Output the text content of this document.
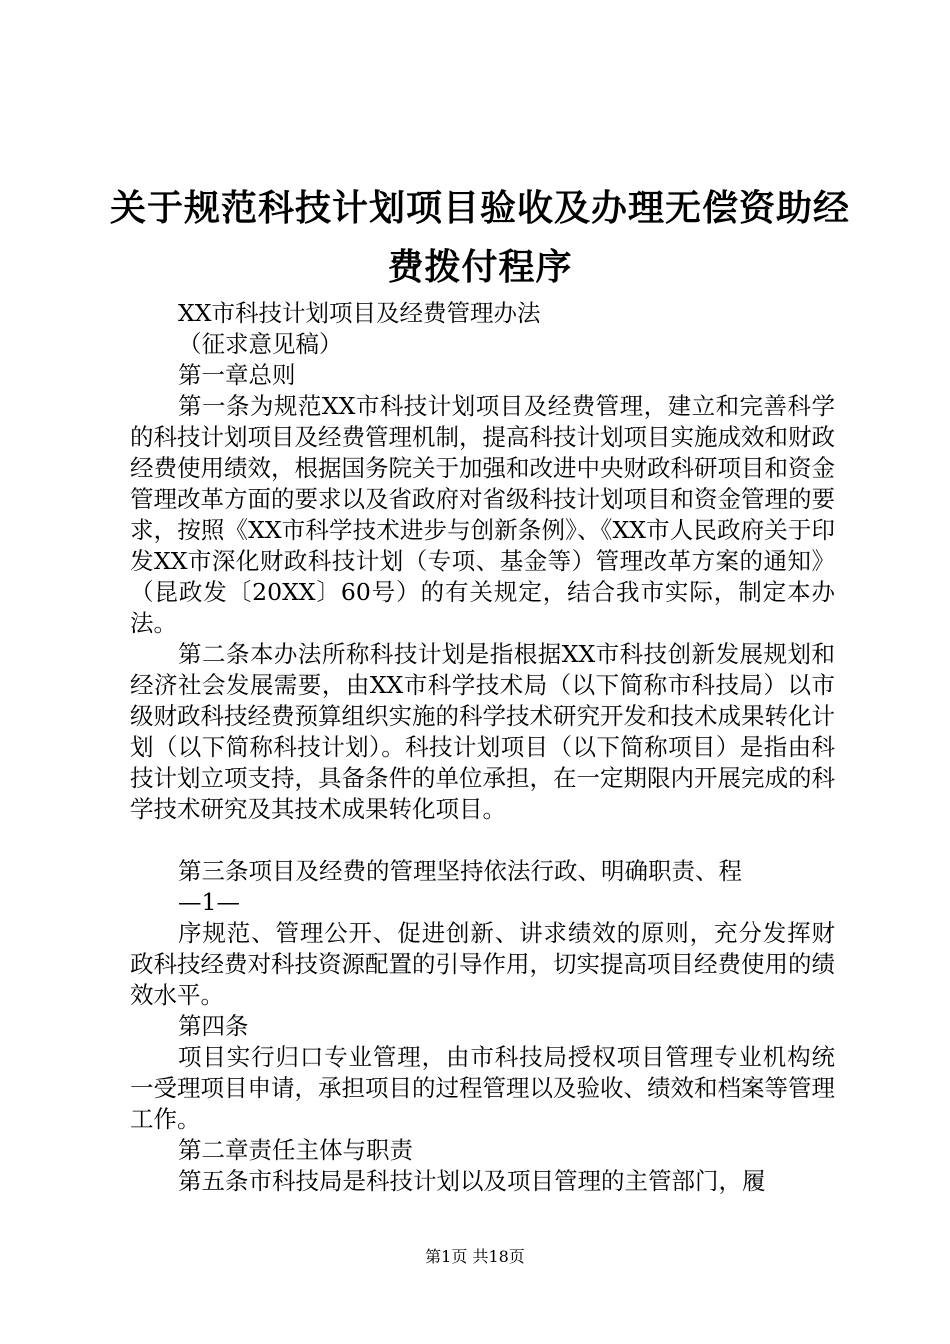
关于规范科技计划项目验收及办理无偿资助经
费拨付程序

XX市科技计划项目及经费管理办法

（征求意见稿）

第一章总则

第一条为规范XX市科技计划项目及经费管理，建立和完善科学的科技计划项目及经费管理机制，提高科技计划项目实施成效和财政经费使用绩效，根据国务院关于加强和改进中央财政科研项目和资金管理改革方面的要求以及省政府对省级科技计划项目和资金管理的要求，按照《XX市科学技术进步与创新条例》、《XX市人民政府关于印发XX市深化财政科技计划（专项、基金等）管理改革方案的通知》（昆政发〔20XX〕60号）的有关规定，结合我市实际，制定本办法。

第二条本办法所称科技计划是指根据XX市科技创新发展规划和经济社会发展需要，由XX市科学技术局（以下简称市科技局）以市级财政科技经费预算组织实施的科学技术研究开发和技术成果转化计划（以下简称科技计划）。科技计划项目（以下简称项目）是指由科技计划立项支持，具备条件的单位承担，在一定期限内开展完成的科学技术研究及其技术成果转化项目。

第三条项目及经费的管理坚持依法行政、明确职责、程

—1—

序规范、管理公开、促进创新、讲求绩效的原则，充分发挥财政科技经费对科技资源配置的引导作用，切实提高项目经费使用的绩效水平。

第四条

项目实行归口专业管理，由市科技局授权项目管理专业机构统一受理项目申请，承担项目的过程管理以及验收、绩效和档案等管理工作。

第二章责任主体与职责

第五条市科技局是科技计划以及项目管理的主管部门，履

第1页 共18页
